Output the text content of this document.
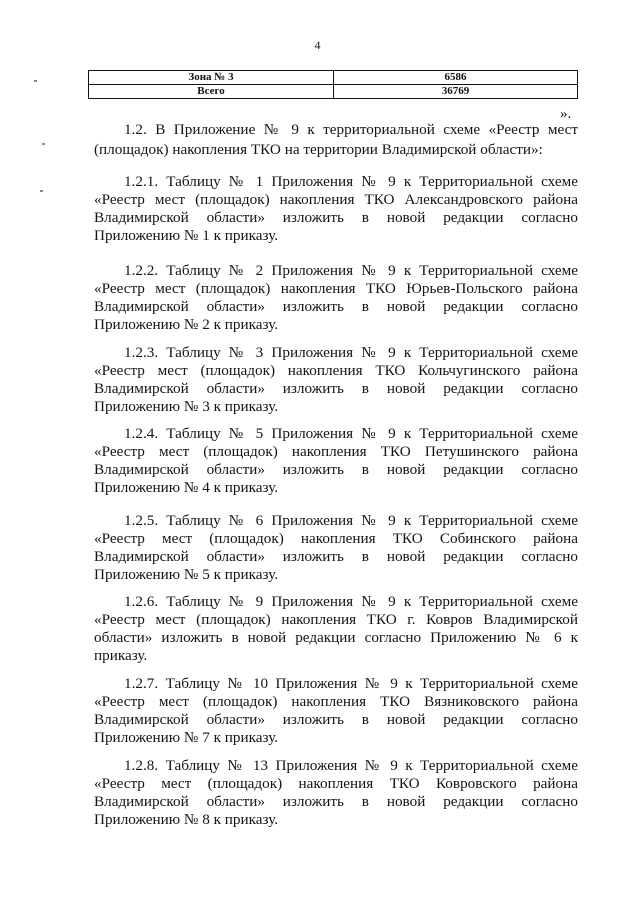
4
Зона № 3	6586
Всего	36769
».

1.2. В Приложение № 9 к территориальной схеме «Реестр мест (площадок) накопления ТКО на территории Владимирской области»:

1.2.1. Таблицу № 1 Приложения № 9 к Территориальной схеме «Реестр мест (площадок) накопления ТКО Александровского района Владимирской области» изложить в новой редакции согласно Приложению № 1 к приказу.

1.2.2. Таблицу № 2 Приложения № 9 к Территориальной схеме «Реестр мест (площадок) накопления ТКО Юрьев-Польского района Владимирской области» изложить в новой редакции согласно Приложению № 2 к приказу.

1.2.3. Таблицу № 3 Приложения № 9 к Территориальной схеме «Реестр мест (площадок) накопления ТКО Кольчугинского района Владимирской области» изложить в новой редакции согласно Приложению № 3 к приказу.

1.2.4. Таблицу № 5 Приложения № 9 к Территориальной схеме «Реестр мест (площадок) накопления ТКО Петушинского района Владимирской области» изложить в новой редакции согласно Приложению № 4 к приказу.

1.2.5. Таблицу № 6 Приложения № 9 к Территориальной схеме «Реестр мест (площадок) накопления ТКО Собинского района Владимирской области» изложить в новой редакции согласно Приложению № 5 к приказу.

1.2.6. Таблицу № 9 Приложения № 9 к Территориальной схеме «Реестр мест (площадок) накопления ТКО г. Ковров Владимирской области» изложить в новой редакции согласно Приложению № 6 к приказу.

1.2.7. Таблицу № 10 Приложения № 9 к Территориальной схеме «Реестр мест (площадок) накопления ТКО Вязниковского района Владимирской области» изложить в новой редакции согласно Приложению № 7 к приказу.

1.2.8. Таблицу № 13 Приложения № 9 к Территориальной схеме «Реестр мест (площадок) накопления ТКО Ковровского района Владимирской области» изложить в новой редакции согласно Приложению № 8 к приказу.
